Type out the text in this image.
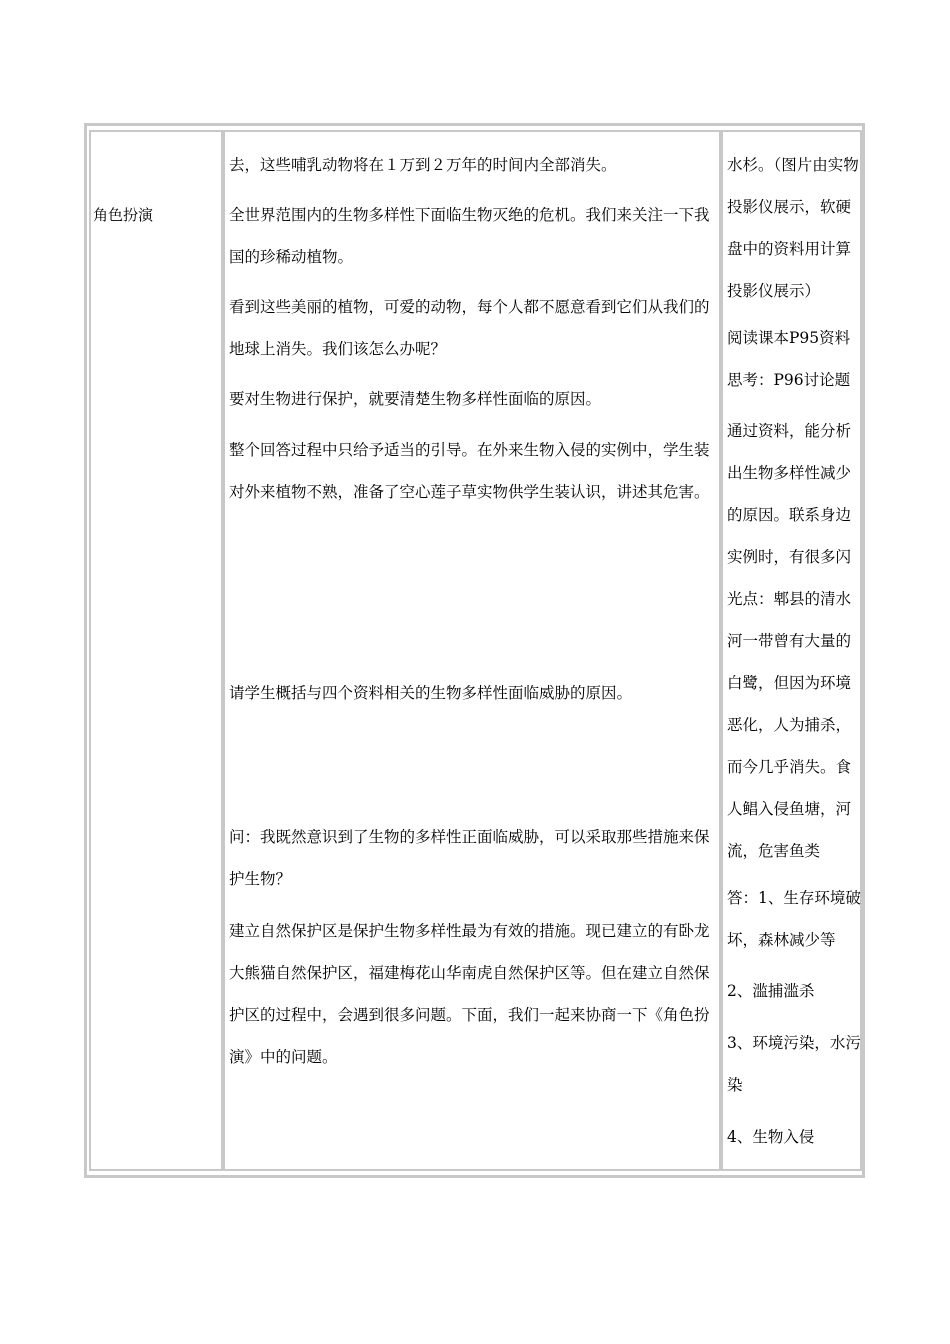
角色扮演

去，这些哺乳动物将在１万到２万年的时间内全部消失。

全世界范围内的生物多样性下面临生物灭绝的危机。我们来关注一下我国的珍稀动植物。

看到这些美丽的植物，可爱的动物，每个人都不愿意看到它们从我们的地球上消失。我们该怎么办呢？

要对生物进行保护，就要清楚生物多样性面临的原因。

整个回答过程中只给予适当的引导。在外来生物入侵的实例中，学生装对外来植物不熟，准备了空心莲子草实物供学生装认识，讲述其危害。

请学生概括与四个资料相关的生物多样性面临威胁的原因。

问：我既然意识到了生物的多样性正面临威胁，可以采取那些措施来保护生物？

建立自然保护区是保护生物多样性最为有效的措施。现已建立的有卧龙大熊猫自然保护区，福建梅花山华南虎自然保护区等。但在建立自然保护区的过程中，会遇到很多问题。下面，我们一起来协商一下《角色扮演》中的问题。

水杉。（图片由实物投影仪展示，软硬盘中的资料用计算投影仪展示）

阅读课本P95资料思考：P96讨论题

通过资料，能分析出生物多样性减少的原因。联系身边实例时，有很多闪光点：郫县的清水河一带曾有大量的白鹭，但因为环境恶化，人为捕杀，而今几乎消失。食人鲳入侵鱼塘，河流，危害鱼类

答：1、生存环境破坏，森林减少等

2、滥捕滥杀

3、环境污染，水污染

4、生物入侵
